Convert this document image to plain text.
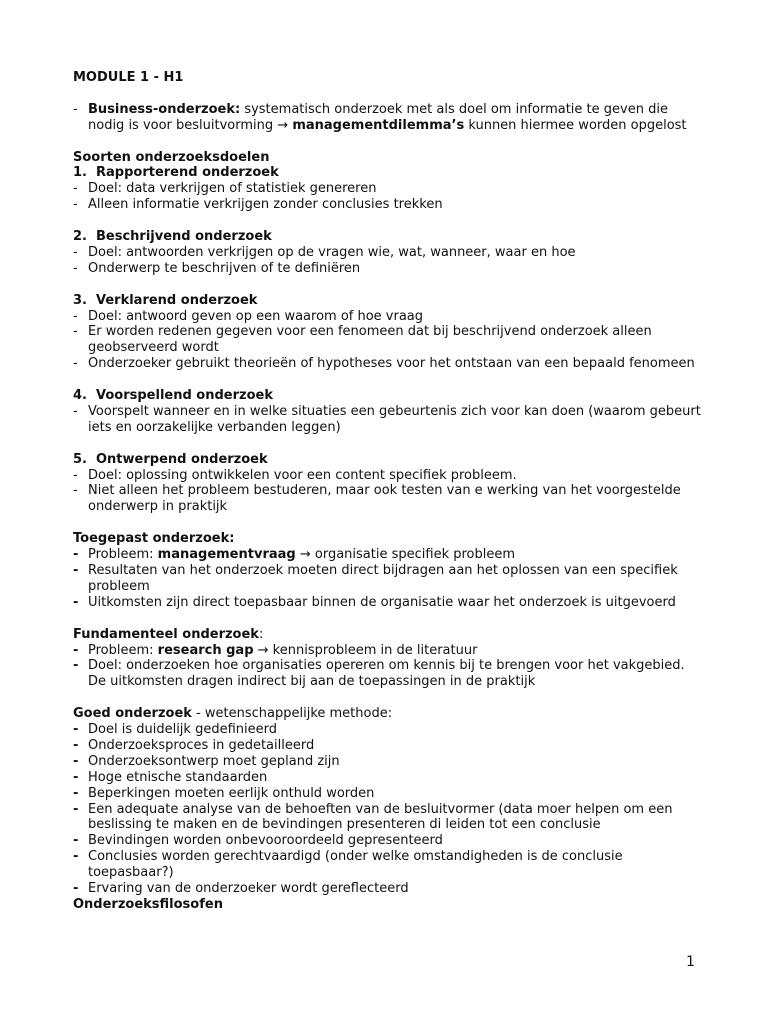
MODULE 1 - H1

- Business-onderzoek: systematisch onderzoek met als doel om informatie te geven die nodig is voor besluitvorming → managementdilemma’s kunnen hiermee worden opgelost

Soorten onderzoeksdoelen

1. Rapporterend onderzoek

- Doel: data verkrijgen of statistiek genereren

- Alleen informatie verkrijgen zonder conclusies trekken

2. Beschrijvend onderzoek

- Doel: antwoorden verkrijgen op de vragen wie, wat, wanneer, waar en hoe

- Onderwerp te beschrijven of te definiëren

3. Verklarend onderzoek

- Doel: antwoord geven op een waarom of hoe vraag

- Er worden redenen gegeven voor een fenomeen dat bij beschrijvend onderzoek alleen geobserveerd wordt

- Onderzoeker gebruikt theorieën of hypotheses voor het ontstaan van een bepaald fenomeen

4. Voorspellend onderzoek

- Voorspelt wanneer en in welke situaties een gebeurtenis zich voor kan doen (waarom gebeurt iets en oorzakelijke verbanden leggen)

5. Ontwerpend onderzoek

- Doel: oplossing ontwikkelen voor een content specifiek probleem.

- Niet alleen het probleem bestuderen, maar ook testen van e werking van het voorgestelde onderwerp in praktijk

Toegepast onderzoek:

- Probleem: managementvraag → organisatie specifiek probleem

- Resultaten van het onderzoek moeten direct bijdragen aan het oplossen van een specifiek probleem

- Uitkomsten zijn direct toepasbaar binnen de organisatie waar het onderzoek is uitgevoerd

Fundamenteel onderzoek:

- Probleem: research gap → kennisprobleem in de literatuur

- Doel: onderzoeken hoe organisaties opereren om kennis bij te brengen voor het vakgebied. De uitkomsten dragen indirect bij aan de toepassingen in de praktijk

Goed onderzoek - wetenschappelijke methode:

- Doel is duidelijk gedefinieerd

- Onderzoeksproces in gedetailleerd

- Onderzoeksontwerp moet gepland zijn

- Hoge etnische standaarden

- Beperkingen moeten eerlijk onthuld worden

- Een adequate analyse van de behoeften van de besluitvormer (data moer helpen om een beslissing te maken en de bevindingen presenteren di leiden tot een conclusie

- Bevindingen worden onbevooroordeeld gepresenteerd

- Conclusies worden gerechtvaardigd (onder welke omstandigheden is de conclusie toepasbaar?)

- Ervaring van de onderzoeker wordt gereflecteerd

Onderzoeksfilosofen

1
